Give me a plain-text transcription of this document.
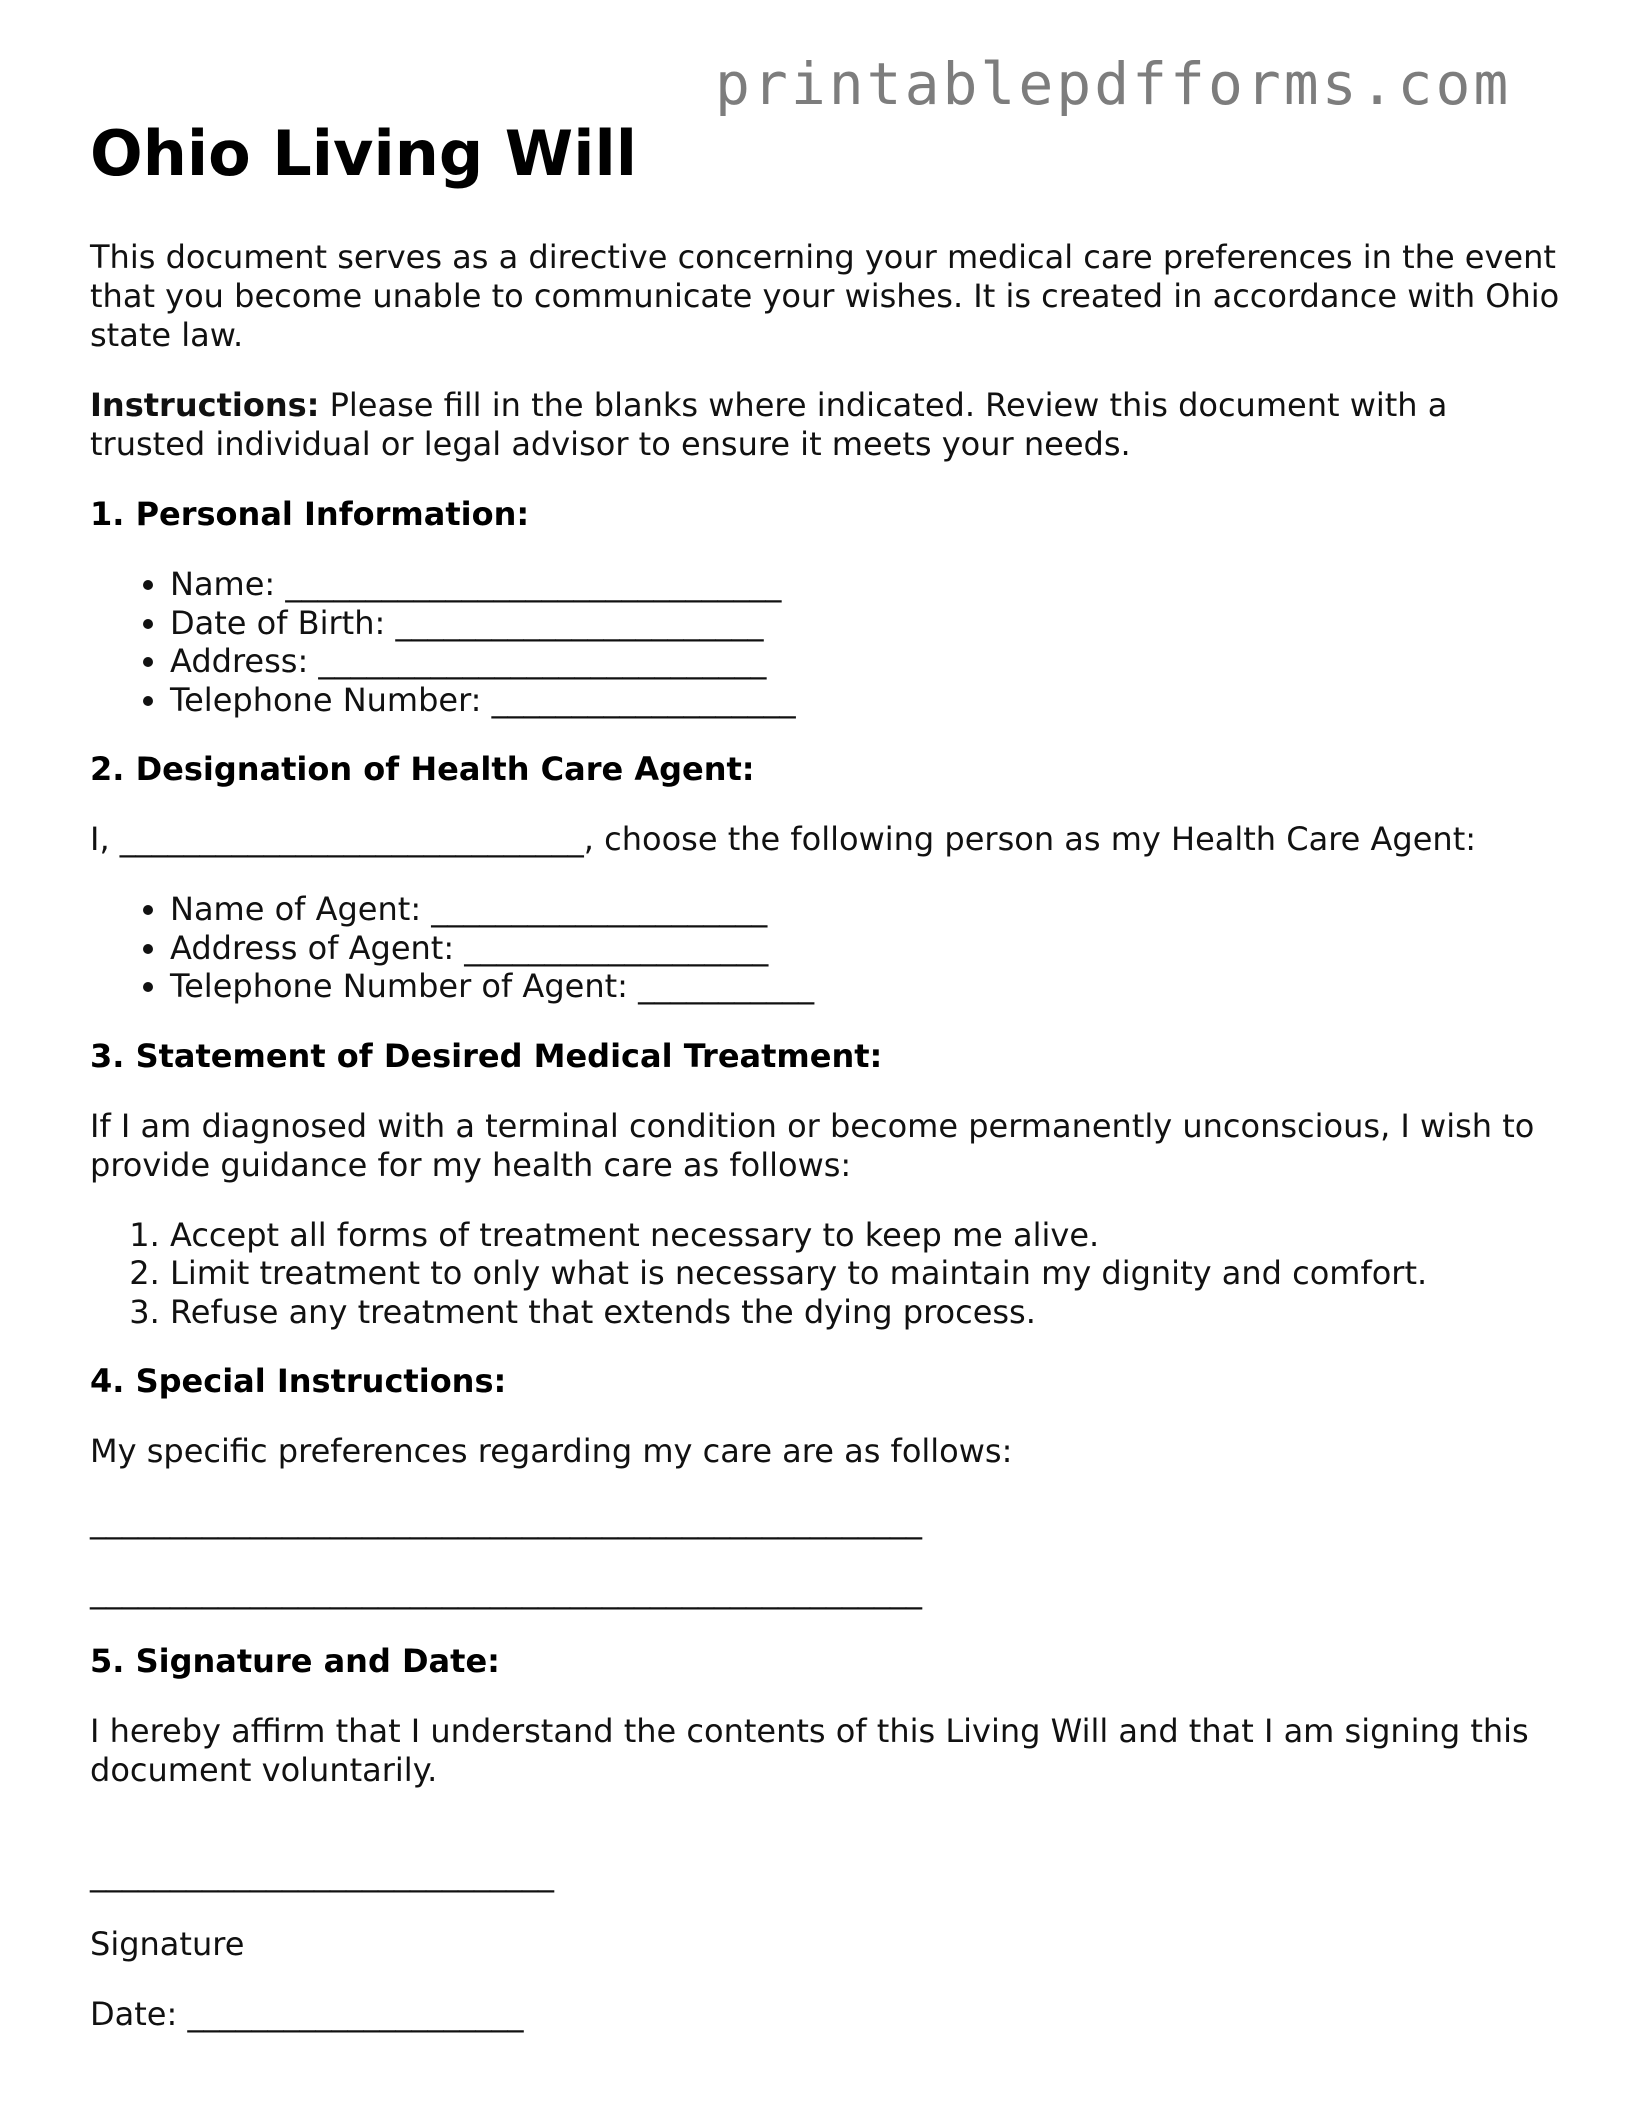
printablepdfforms.com
Ohio Living Will

This document serves as a directive concerning your medical care preferences in the event that you become unable to communicate your wishes. It is created in accordance with Ohio state law.

Instructions: Please fill in the blanks where indicated. Review this document with a trusted individual or legal advisor to ensure it meets your needs.

1. Personal Information:
• Name: _______________________________
• Date of Birth: _______________________
• Address: ____________________________
• Telephone Number: ___________________
2. Designation of Health Care Agent:

I, _____________________________, choose the following person as my Health Care Agent:

• Name of Agent: _____________________
• Address of Agent: ___________________
• Telephone Number of Agent: ___________
3. Statement of Desired Medical Treatment:

If I am diagnosed with a terminal condition or become permanently unconscious, I wish to provide guidance for my health care as follows:

1. Accept all forms of treatment necessary to keep me alive.
2. Limit treatment to only what is necessary to maintain my dignity and comfort.
3. Refuse any treatment that extends the dying process.
4. Special Instructions:

My specific preferences regarding my care are as follows:

____________________________________________________
____________________________________________________
5. Signature and Date:

I hereby affirm that I understand the contents of this Living Will and that I am signing this document voluntarily.

_____________________________

Signature

Date: _____________________
